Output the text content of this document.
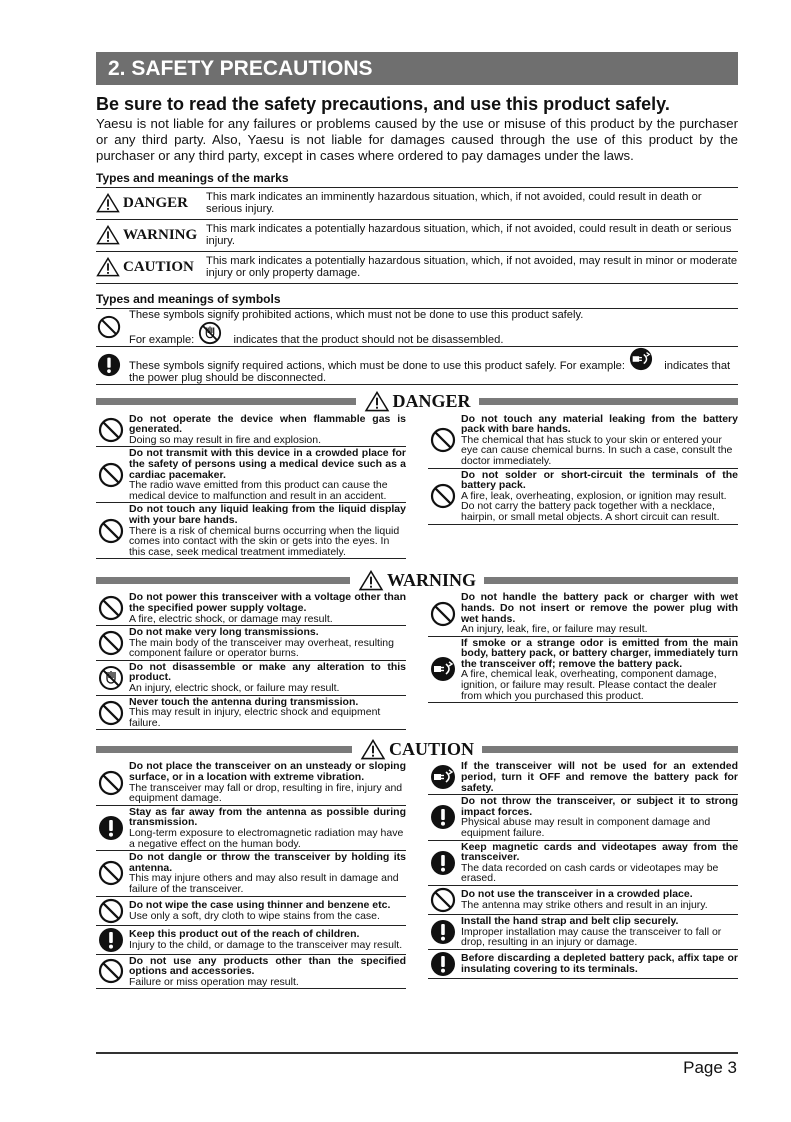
2. SAFETY PRECAUTIONS
Be sure to read the safety precautions, and use this product safely.
Yaesu is not liable for any failures or problems caused by the use or misuse of this product by the purchaser or any third party. Also, Yaesu is not liable for damages caused through the use of this product by the purchaser or any third party, except in cases where ordered to pay damages under the laws.
Types and meanings of the marks
DANGER This mark indicates an imminently hazardous situation, which, if not avoided, could result in death or serious injury.
WARNING This mark indicates a potentially hazardous situation, which, if not avoided, could result in death or serious injury.
CAUTION This mark indicates a potentially hazardous situation, which, if not avoided, may result in minor or moderate injury or only property damage.
Types and meanings of symbols
These symbols signify prohibited actions, which must not be done to use this product safely.
For example:	indicates that the product should not be disassembled.
These symbols signify required actions, which must be done to use this product safely. For example:	indicates that the power plug should be disconnected.
DANGER
Do not operate the device when flammable gas is generated.
Doing so may result in fire and explosion.
Do not transmit with this device in a crowded place for the safety of persons using a medical device such as a cardiac pacemaker.
The radio wave emitted from this product can cause the medical device to malfunction and result in an accident.
Do not touch any liquid leaking from the liquid display with your bare hands.
There is a risk of chemical burns occurring when the liquid comes into contact with the skin or gets into the eyes. In this case, seek medical treatment immediately.
Do not touch any material leaking from the battery pack with bare hands.
The chemical that has stuck to your skin or entered your eye can cause chemical burns. In such a case, consult the doctor immediately.
Do not solder or short-circuit the terminals of the battery pack.
A fire, leak, overheating, explosion, or ignition may result. Do not carry the battery pack together with a necklace, hairpin, or small metal objects. A short circuit can result.
WARNING
Do not power this transceiver with a voltage other than the specified power supply voltage.
A fire, electric shock, or damage may result.
Do not make very long transmissions.
The main body of the transceiver may overheat, resulting component failure or operator burns.
Do not disassemble or make any alteration to this product.
An injury, electric shock, or failure may result.
Never touch the antenna during transmission.
This may result in injury, electric shock and equipment failure.
Do not handle the battery pack or charger with wet hands. Do not insert or remove the power plug with wet hands.
An injury, leak, fire, or failure may result.
If smoke or a strange odor is emitted from the main body, battery pack, or battery charger, immediately turn the transceiver off; remove the battery pack.
A fire, chemical leak, overheating, component damage, ignition, or failure may result. Please contact the dealer from which you purchased this product.
CAUTION
Do not place the transceiver on an unsteady or sloping surface, or in a location with extreme vibration.
The transceiver may fall or drop, resulting in fire, injury and equipment damage.
Stay as far away from the antenna as possible during transmission.
Long-term exposure to electromagnetic radiation may have a negative effect on the human body.
Do not dangle or throw the transceiver by holding its antenna.
This may injure others and may also result in damage and failure of the transceiver.
Do not wipe the case using thinner and benzene etc.
Use only a soft, dry cloth to wipe stains from the case.
Keep this product out of the reach of children.
Injury to the child, or damage to the transceiver may result.
Do not use any products other than the specified options and accessories.
Failure or miss operation may result.
If the transceiver will not be used for an extended period, turn it OFF and remove the battery pack for safety.
Do not throw the transceiver, or subject it to strong impact forces.
Physical abuse may result in component damage and equipment failure.
Keep magnetic cards and videotapes away from the transceiver.
The data recorded on cash cards or videotapes may be erased.
Do not use the transceiver in a crowded place.
The antenna may strike others and result in an injury.
Install the hand strap and belt clip securely.
Improper installation may cause the transceiver to fall or drop, resulting in an injury or damage.
Before discarding a depleted battery pack, affix tape or insulating covering to its terminals.
Page 3
